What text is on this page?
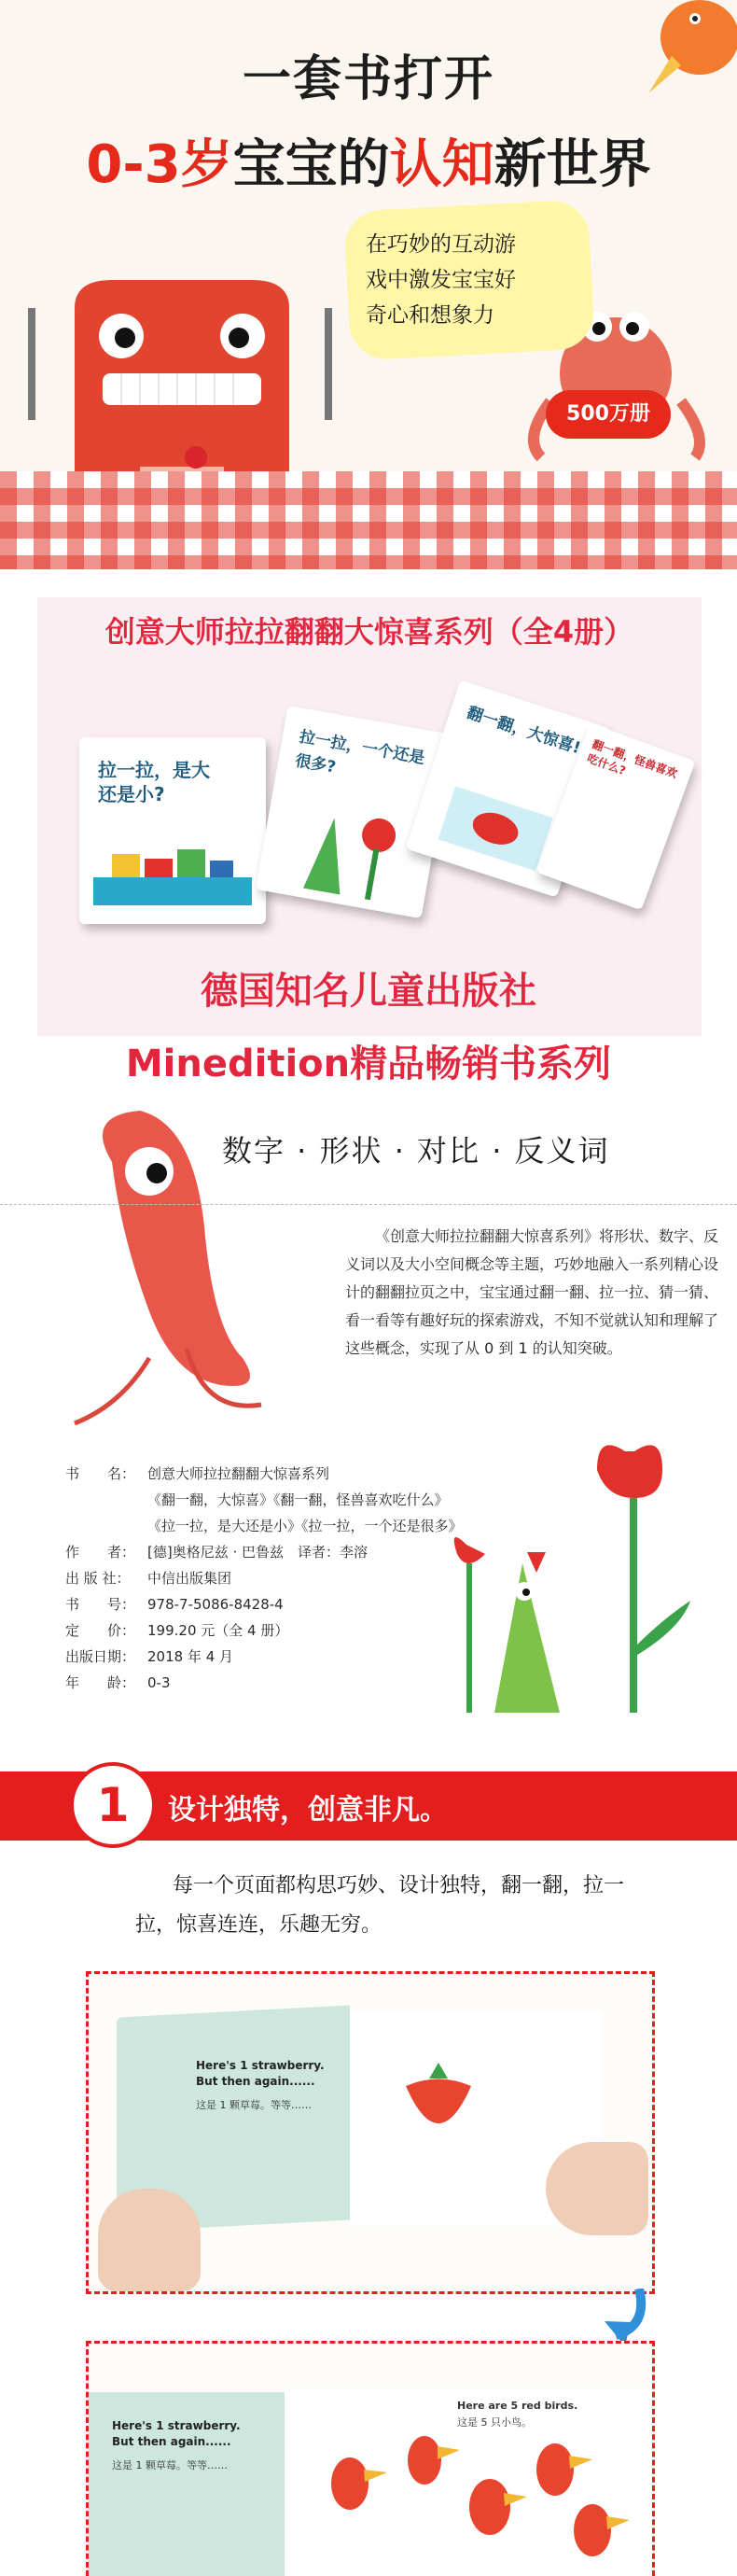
一套书打开
0-3岁宝宝的认知新世界
在巧妙的互动游
戏中激发宝宝好
奇心和想象力
500万册
创意大师拉拉翻翻大惊喜系列（全4册）
拉一拉，是大还是小?
拉一拉，一个还是很多?
翻一翻，大惊喜!
翻一翻，怪兽喜欢吃什么?
德国知名儿童出版社
Minedition精品畅销书系列
数字 · 形状 · 对比 · 反义词
《创意大师拉拉翻翻大惊喜系列》将形状、数字、反义词以及大小空间概念等主题，巧妙地融入一系列精心设计的翻翻拉页之中，宝宝通过翻一翻、拉一拉、猜一猜、看一看等有趣好玩的探索游戏，不知不觉就认知和理解了这些概念，实现了从 0 到 1 的认知突破。
书　　名： 创意大师拉拉翻翻大惊喜系列
《翻一翻，大惊喜》《翻一翻，怪兽喜欢吃什么》
《拉一拉，是大还是小》《拉一拉，一个还是很多》
作　　者： [德]奥格尼兹 · 巴鲁兹　译者：李溶
出 版 社：	中信出版集团
书　　号： 978-7-5086-8428-4
定　　价： 199.20 元（全 4 册）
出版日期： 2018 年 4 月
年　　龄： 0-3
1	设计独特，创意非凡。
每一个页面都构思巧妙、设计独特，翻一翻，拉一拉，惊喜连连，乐趣无穷。
Here's 1 strawberry.
But then again......
这是 1 颗草莓。等等……
Here's 1 strawberry.
But then again......
这是 1 颗草莓。等等……
Here are 5 red birds.
这是 5 只小鸟。
